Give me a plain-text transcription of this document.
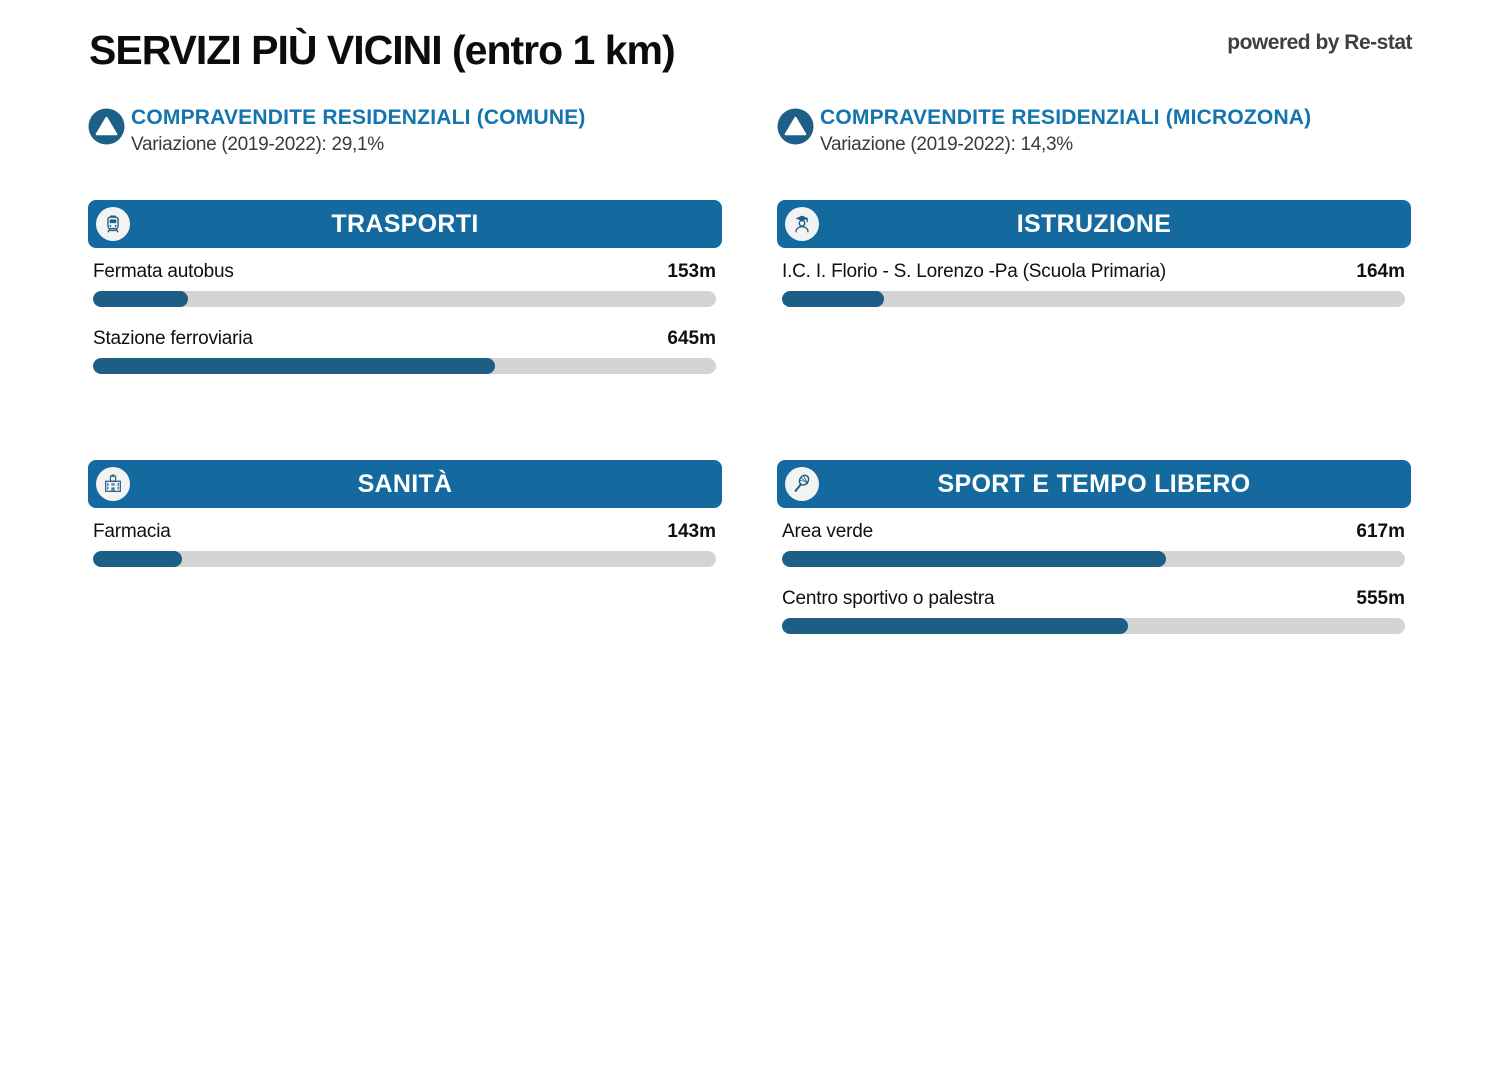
SERVIZI PIÙ VICINI (entro 1 km)	powered by Re-stat
COMPRAVENDITE RESIDENZIALI (COMUNE)
Variazione (2019-2022): 29,1%
COMPRAVENDITE RESIDENZIALI (MICROZONA)
Variazione (2019-2022): 14,3%
TRASPORTI
Fermata autobus	153m
Stazione ferroviaria	645m
ISTRUZIONE
I.C. I. Florio - S. Lorenzo -Pa (Scuola Primaria)	164m
SANITÀ
Farmacia	143m
SPORT E TEMPO LIBERO
Area verde	617m
Centro sportivo o palestra	555m
